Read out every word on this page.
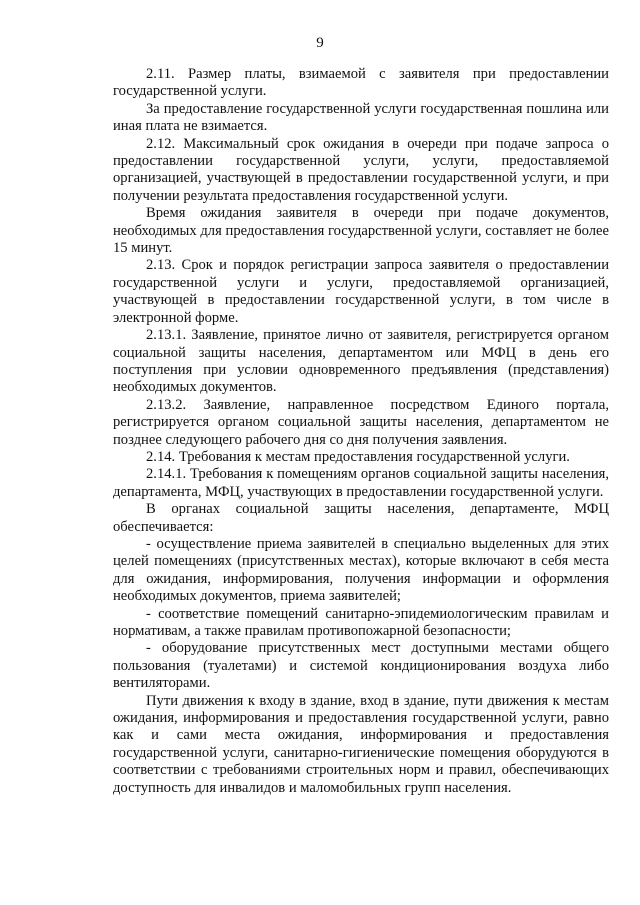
9

2.11. Размер платы, взимаемой с заявителя при предоставлении государственной услуги.

За предоставление государственной услуги государственная пошлина или иная плата не взимается.

2.12. Максимальный срок ожидания в очереди при подаче запроса о предоставлении государственной услуги, услуги, предоставляемой организацией, участвующей в предоставлении государственной услуги, и при получении результата предоставления государственной услуги.

Время ожидания заявителя в очереди при подаче документов, необходимых для предоставления государственной услуги, составляет не более 15 минут.

2.13. Срок и порядок регистрации запроса заявителя о предоставлении государственной услуги и услуги, предоставляемой организацией, участвующей в предоставлении государственной услуги, в том числе в электронной форме.

2.13.1. Заявление, принятое лично от заявителя, регистрируется органом социальной защиты населения, департаментом или МФЦ в день его поступления при условии одновременного предъявления (представления) необходимых документов.

2.13.2. Заявление, направленное посредством Единого портала, регистрируется органом социальной защиты населения, департаментом не позднее следующего рабочего дня со дня получения заявления.

2.14. Требования к местам предоставления государственной услуги.

2.14.1. Требования к помещениям органов социальной защиты населения, департамента, МФЦ, участвующих в предоставлении государственной услуги.

В органах социальной защиты населения, департаменте, МФЦ обеспечивается:

- осуществление приема заявителей в специально выделенных для этих целей помещениях (присутственных местах), которые включают в себя места для ожидания, информирования, получения информации и оформления необходимых документов, приема заявителей;

- соответствие помещений санитарно-эпидемиологическим правилам и нормативам, а также правилам противопожарной безопасности;

- оборудование присутственных мест доступными местами общего пользования (туалетами) и системой кондиционирования воздуха либо вентиляторами.

Пути движения к входу в здание, вход в здание, пути движения к местам ожидания, информирования и предоставления государственной услуги, равно как и сами места ожидания, информирования и предоставления государственной услуги, санитарно-гигиенические помещения оборудуются в соответствии с требованиями строительных норм и правил, обеспечивающих доступность для инвалидов и маломобильных групп населения.
